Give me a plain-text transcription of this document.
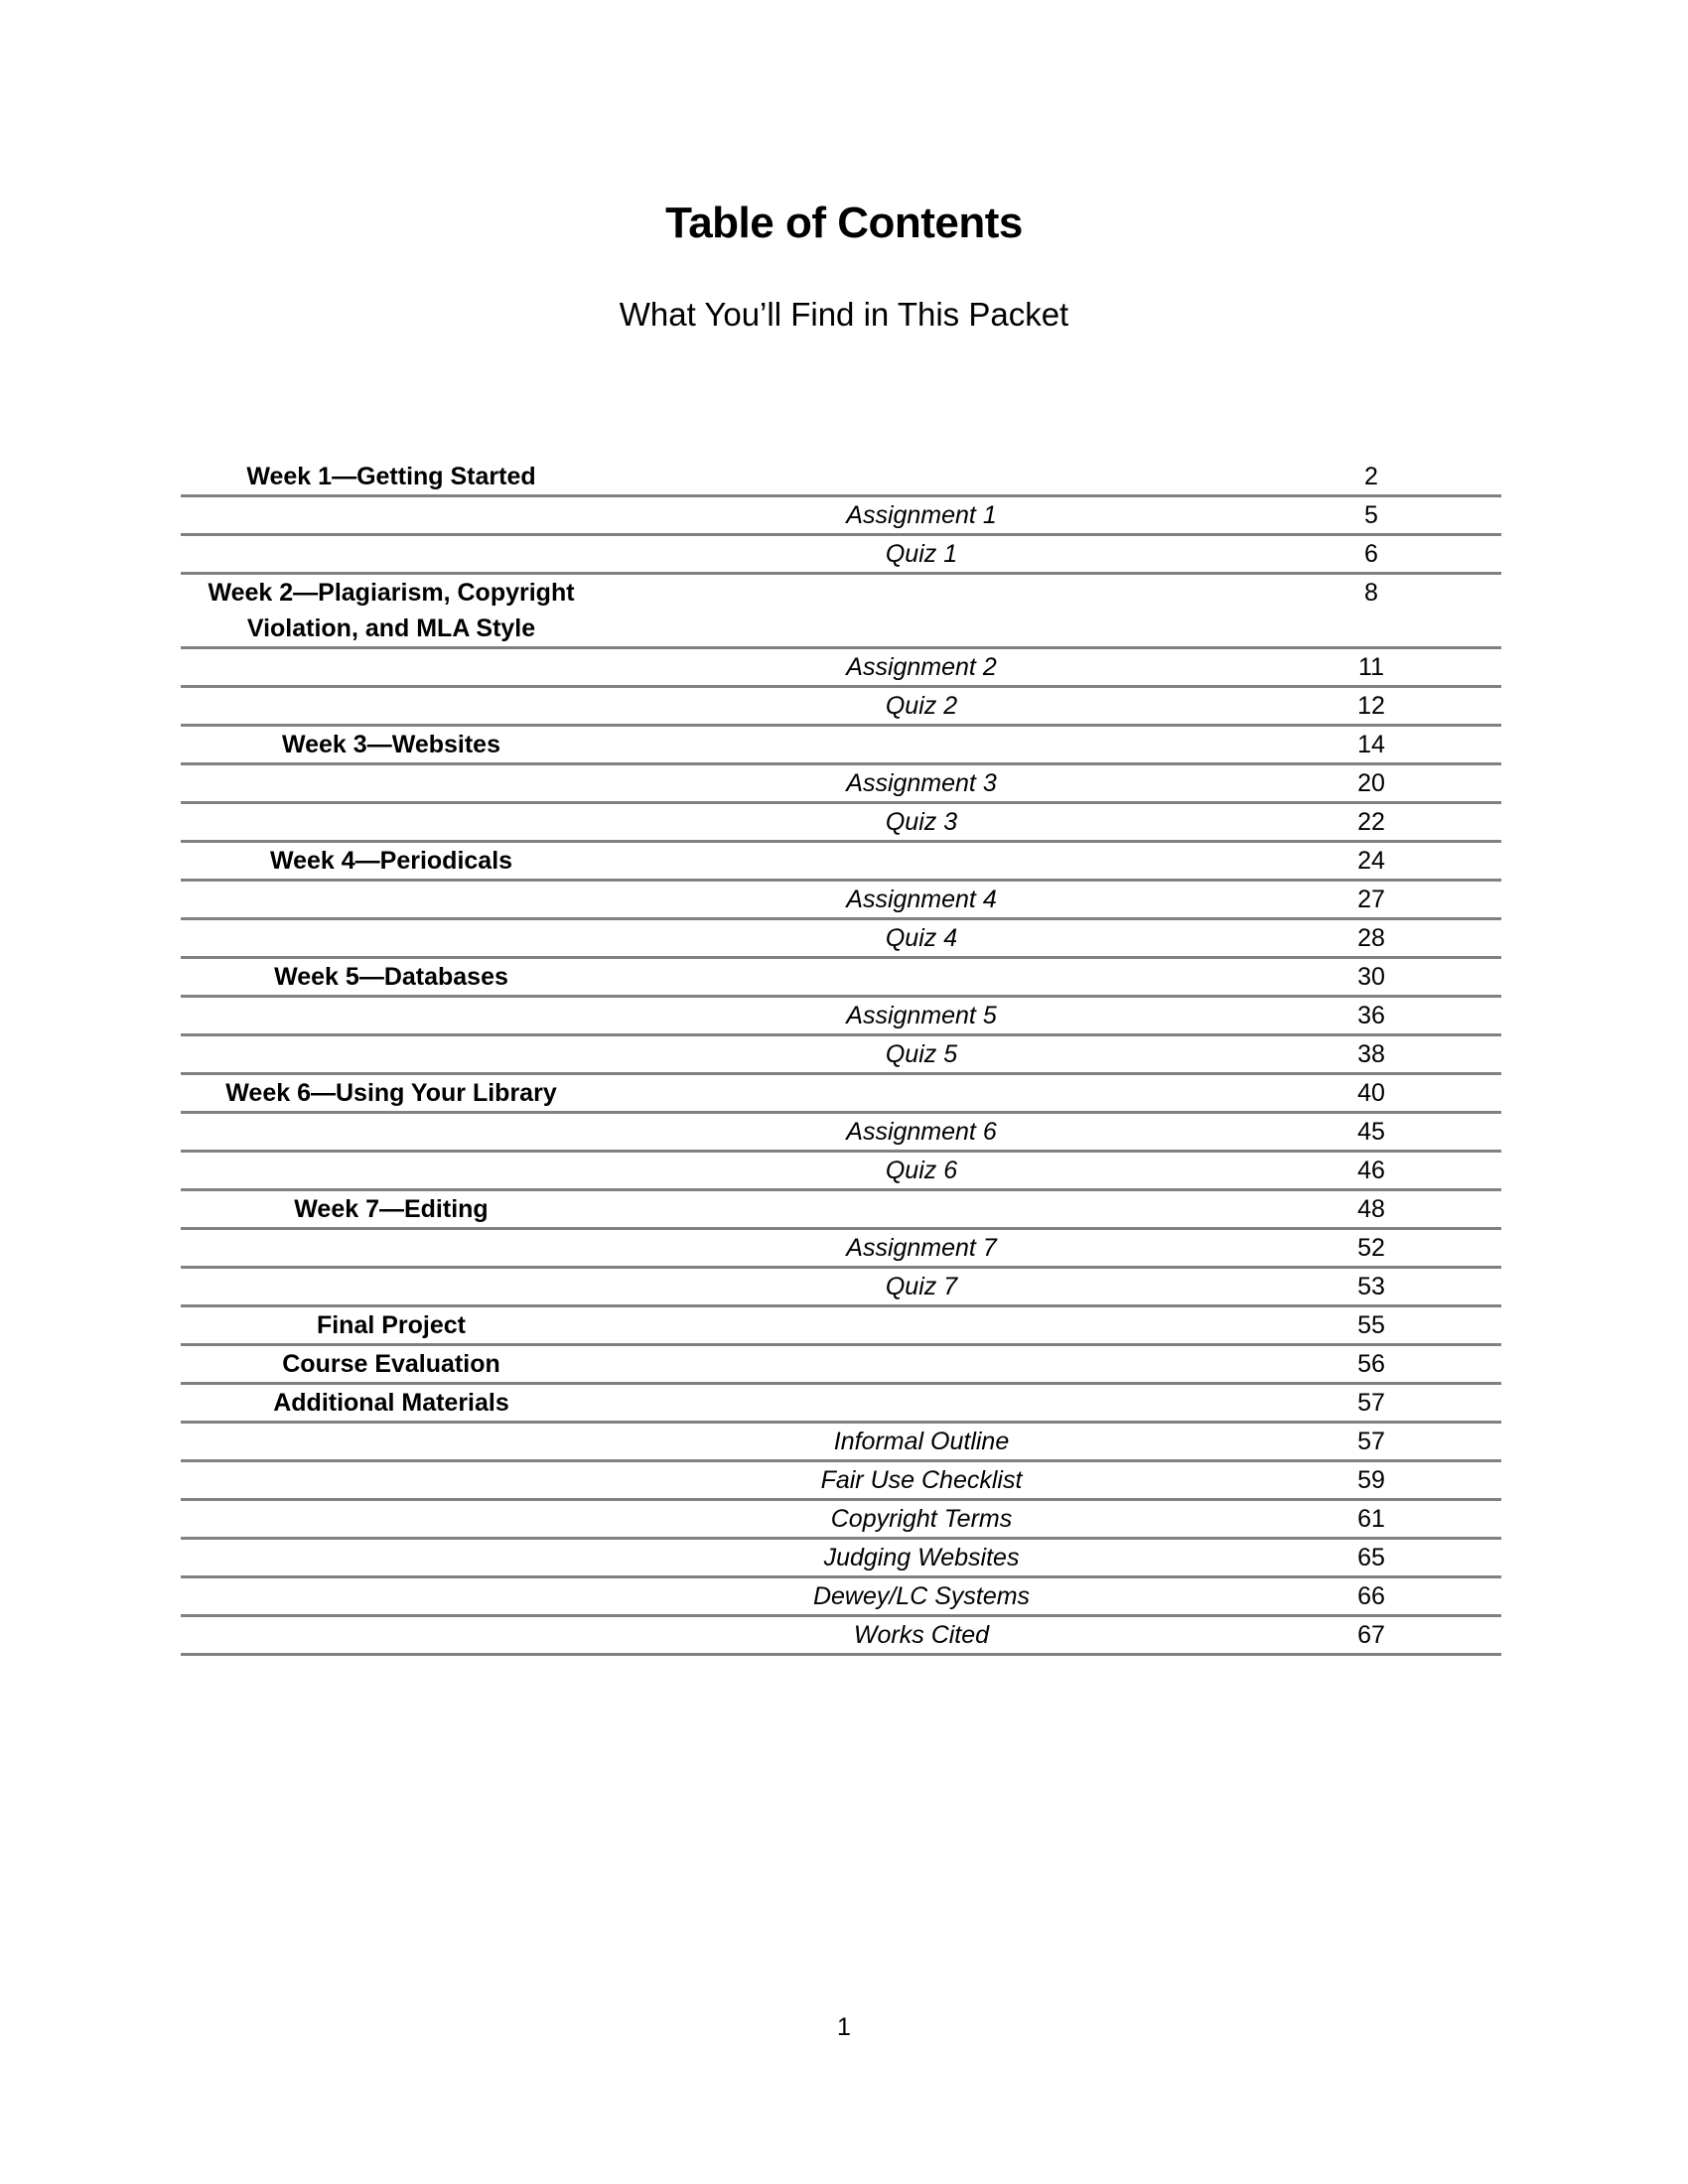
Table of Contents
What You’ll Find in This Packet
Week 1—Getting Started		2
	Assignment 1	5
	Quiz 1	6
Week 2—Plagiarism, Copyright Violation, and MLA Style		8
	Assignment 2	11
	Quiz 2	12
Week 3—Websites		14
	Assignment 3	20
	Quiz 3	22
Week 4—Periodicals		24
	Assignment 4	27
	Quiz 4	28
Week 5—Databases		30
	Assignment 5	36
	Quiz 5	38
Week 6—Using Your Library		40
	Assignment 6	45
	Quiz 6	46
Week 7—Editing		48
	Assignment 7	52
	Quiz 7	53
Final Project		55
Course Evaluation		56
Additional Materials		57
	Informal Outline	57
	Fair Use Checklist	59
	Copyright Terms	61
	Judging Websites	65
	Dewey/LC Systems	66
	Works Cited	67
1
